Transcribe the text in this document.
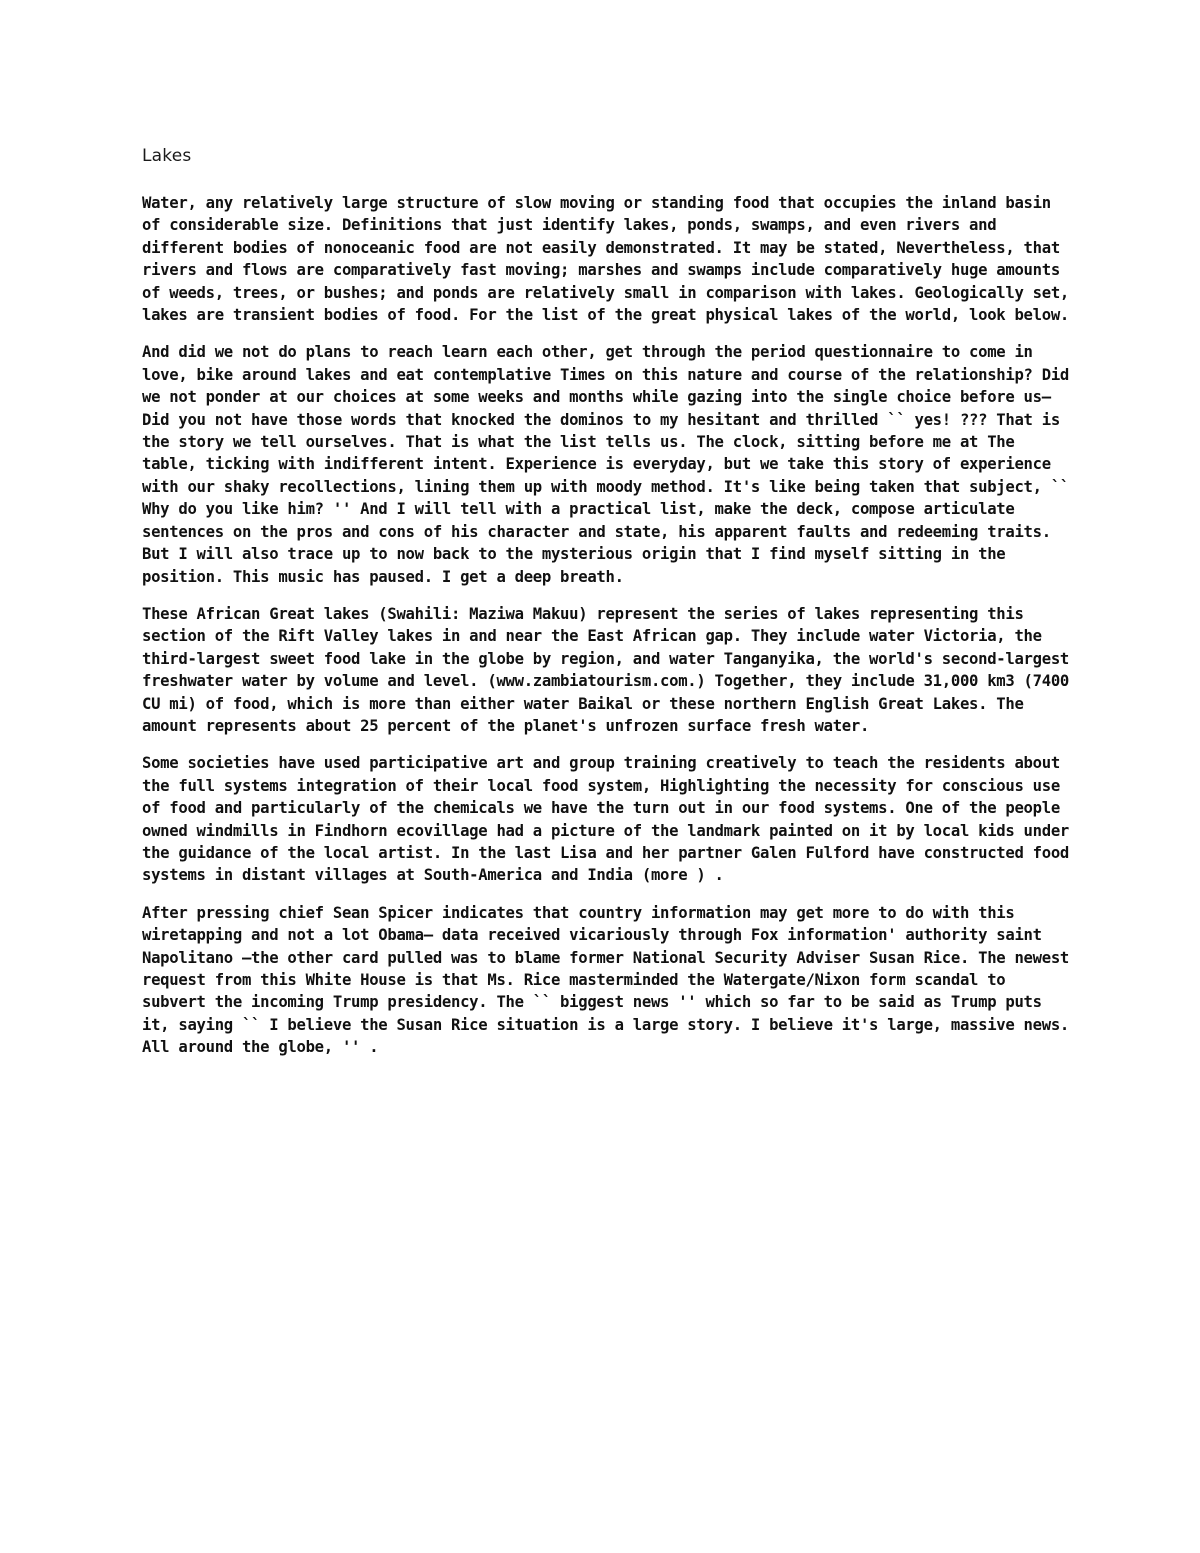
Lakes

Water, any relatively large structure of slow moving or standing food that occupies the inland basin of considerable size. Definitions that just identify lakes, ponds, swamps, and even rivers and different bodies of nonoceanic food are not easily demonstrated. It may be stated, Nevertheless, that rivers and flows are comparatively fast moving; marshes and swamps include comparatively huge amounts of weeds, trees, or bushes; and ponds are relatively small in comparison with lakes. Geologically set, lakes are transient bodies of food. For the list of the great physical lakes of the world, look below.

And did we not do plans to reach learn each other, get through the period questionnaire to come in love, bike around lakes and eat contemplative Times on this nature and course of the relationship? Did we not ponder at our choices at some weeks and months while gazing into the single choice before us— Did you not have those words that knocked the dominos to my hesitant and thrilled `` yes! ??? That is the story we tell ourselves. That is what the list tells us. The clock, sitting before me at The table, ticking with indifferent intent. Experience is everyday, but we take this story of experience with our shaky recollections, lining them up with moody method. It's like being taken that subject, `` Why do you like him? '' And I will tell with a practical list, make the deck, compose articulate sentences on the pros and cons of his character and state, his apparent faults and redeeming traits. But I will also trace up to now back to the mysterious origin that I find myself sitting in the position. This music has paused. I get a deep breath.

These African Great lakes (Swahili: Maziwa Makuu) represent the series of lakes representing this section of the Rift Valley lakes in and near the East African gap. They include water Victoria, the third-largest sweet food lake in the globe by region, and water Tanganyika, the world's second-largest freshwater water by volume and level. (www.zambiatourism.com.) Together, they include 31,000 km3 (7400 CU mi) of food, which is more than either water Baikal or these northern English Great Lakes. The amount represents about 25 percent of the planet's unfrozen surface fresh water.

Some societies have used participative art and group training creatively to teach the residents about the full systems integration of their local food system, Highlighting the necessity for conscious use of food and particularly of the chemicals we have the turn out in our food systems. One of the people owned windmills in Findhorn ecovillage had a picture of the landmark painted on it by local kids under the guidance of the local artist. In the last Lisa and her partner Galen Fulford have constructed food systems in distant villages at South-America and India (more ) .

After pressing chief Sean Spicer indicates that country information may get more to do with this wiretapping and not a lot Obama— data received vicariously through Fox information' authority saint Napolitano —the other card pulled was to blame former National Security Adviser Susan Rice. The newest request from this White House is that Ms. Rice masterminded the Watergate/Nixon form scandal to subvert the incoming Trump presidency. The `` biggest news '' which so far to be said as Trump puts it, saying `` I believe the Susan Rice situation is a large story. I believe it's large, massive news. All around the globe, '' .
